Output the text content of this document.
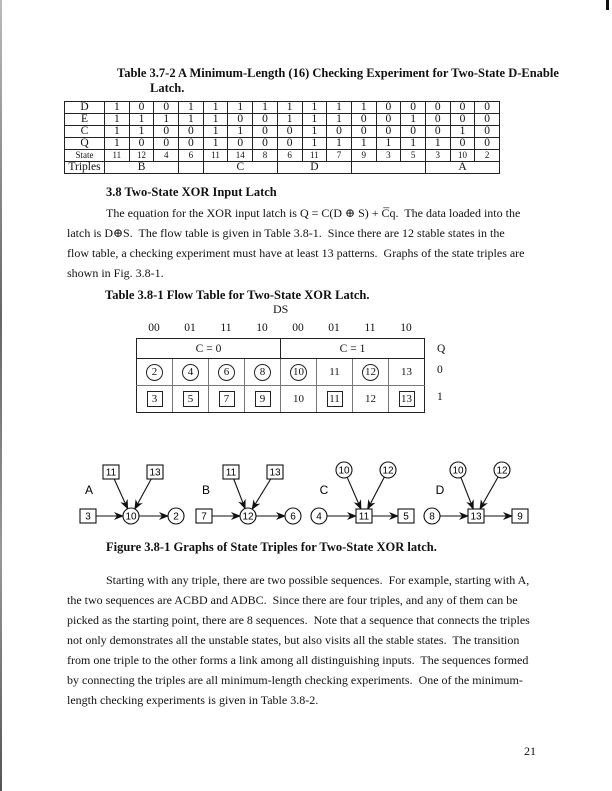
Table 3.7-2 A Minimum-Length (16) Checking Experiment for Two-State D-Enable
Latch.
D	1	0	0	1	1	1	1	1	1	1	1	0	0	0	0	0
E	1	1	1	1	1	0	0	1	1	1	0	0	1	0	0	0
C	1	1	0	0	1	1	0	0	1	0	0	0	0	0	1	0
Q	1	0	0	0	1	0	0	0	1	1	1	1	1	1	0	0
State	11	12	4	6	11	14	8	6	11	7	9	3	5	3	10	2
Triples	B				C			D						A		
3.8 Two-State XOR Input Latch
The equation for the XOR input latch is Q = C(D ⊕ S) + C̅q.  The data loaded into the
latch is D⊕S.  The flow table is given in Table 3.8-1.  Since there are 12 stable states in the
flow table, a checking experiment must have at least 13 patterns.  Graphs of the state triples are
shown in Fig. 3.8-1.
Table 3.8-1 Flow Table for Two-State XOR Latch.
DS
00	01	11	10	00	01	11	10
C = 0				C = 1			
2	4	6	8	10	11	12	13
3	5	7	9	10	11	12	13
Q
0
1
3	10	2
11	13
A
7	12	6
11	13
B
4	11	5
10	12
C
8	13	9
10	12
D
Figure 3.8-1 Graphs of State Triples for Two-State XOR latch.
Starting with any triple, there are two possible sequences.  For example, starting with A,
the two sequences are ACBD and ADBC.  Since there are four triples, and any of them can be
picked as the starting point, there are 8 sequences.  Note that a sequence that connects the triples
not only demonstrates all the unstable states, but also visits all the stable states.  The transition
from one triple to the other forms a link among all distinguishing inputs.  The sequences formed
by connecting the triples are all minimum-length checking experiments.  One of the minimum-
length checking experiments is given in Table 3.8-2.
21
